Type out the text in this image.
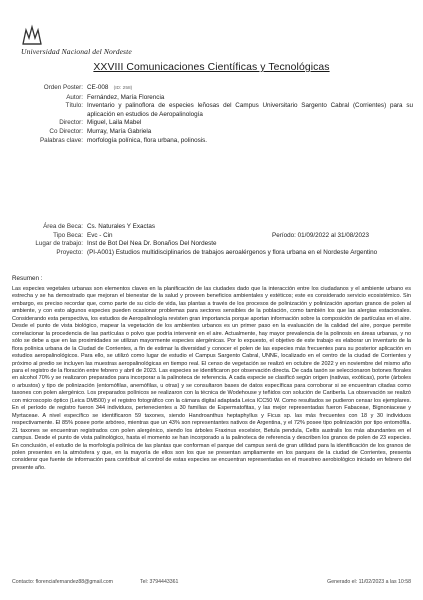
Universidad Nacional del Nordeste
XXVIII Comunicaciones Científicas y Tecnológicas
Orden Poster: CE-008 (ID: 258)
Autor: Fernández, María Florencia
Título: Inventario y palinoflora de especies leñosas del Campus Universitario Sargento Cabral (Corrientes) para su aplicación en estudios de Aeropalinología
Director: Miguel, Laila Mabel
Co Director: Murray, María Gabriela
Palabras clave: morfología polínica, flora urbana, polinosis.
Área de Beca: Cs. Naturales Y Exactas
Tipo Beca: Evc - Cin	Período: 01/09/2022 al 31/08/2023
Lugar de trabajo: Inst de Bot Del Nea Dr. Bonaños Del Nordeste
Proyecto: (PI-A001) Estudios multidisciplinarios de trabajos aeroalérgenos y flora urbana en el Nordeste Argentino
Resumen :
Las especies vegetales urbanas son elementos claves en la planificación de las ciudades dado que la interacción entre los ciudadanos y el ambiente urbano es estrecha y se ha demostrado que mejoran el bienestar de la salud y proveen beneficios ambientales y estéticos; este es considerado servicio ecosistémico. Sin embargo, es preciso recordar que, como parte de su ciclo de vida, las plantas a través de los procesos de polinización y polinización aportan granos de polen al ambiente, y con esto algunos especies pueden ocasionar problemas para sectores sensibles de la población, como también los que las alergias estacionales. Considerando esta perspectiva, los estudios de Aeropalinología revisten gran importancia porque aportan información sobre la composición de partículas en el aire. Desde el punto de vista biológico, mapear la vegetación de los ambientes urbanos es un primer paso en la evaluación de la calidad del aire, porque permite correlacionar la procedencia de las partículas o polvo que podría intervenir en el aire. Actualmente, hay mayor prevalencia de la polinosis en áreas urbanas, y no sólo se debe a que en las proximidades se utilizan mayormente especies alergénicas. Por lo expuesto, el objetivo de este trabajo es elaborar un inventario de la flora polínica urbana de la Ciudad de Corrientes, a fin de estimar la diversidad y conocer el polen de las especies más frecuentes para su posterior aplicación en estudios aeropalinológicos. Para ello, se utilizó como lugar de estudio el Campus Sargento Cabral, UNNE, localizado en el centro de la ciudad de Corrientes y próximo al predio se incluyen las muestras aeropalinológicas en tiempo real. El censo de vegetación se realizó en octubre de 2022 y en noviembre del mismo año para el registro de la floración entre febrero y abril de 2023. Las especies se identificaron por observación directa. De cada taxón se seleccionaron botones florales en alcohol 70% y se realizaron preparados para incorporar a la palinoteca de referencia. A cada especie se clasificó según origen (nativas, exóticas), porte (árboles o arbustos) y tipo de polinización (entomófilas, anemófilas, u otras) y se consultaron bases de datos específicas para corroborar si se encuentran citadas como taxones con polen alergénico. Los preparados polínicos se realizaron con la técnica de Wodehouse y teñidos con solución de Cariberla. La observación se realizó con microscopio óptico (Leica DM500) y el registro fotográfico con la cámara digital adaptada Leica ICC50 W. Como resultados se pudieron censar los ejemplares. En el período de registro fueron 344 individuos, pertenecientes a 30 familias de Espermatofitas, y las mejor representadas fueron Fabaceae, Bignoniaceae y Myrtaceae. A nivel específico se identificaron 59 taxones, siendo Handroanthus heptaphyllus y Ficus sp. las más frecuentes con 18 y 30 individuos respectivamente. El 85% posee porte arbóreo, mientras que un 43% son representantes nativos de Argentina, y el 72% posee tipo polinización por tipo entomófila. 21 taxones se encuentran registrados con polen alergénico, siendo los árboles Fraxinus excelsior, Betula pendula, Celtis australis los más abundantes en el campus. Desde el punto de vista palinológico, hasta el momento se han incorporado a la palinoteca de referencia y describen los granos de polen de 23 especies. En conclusión, el estudio de la morfología polínica de las plantas que conforman el parque del campus será de gran utilidad para la identificación de los granos de polen presentes en la atmósfera y que, en la mayoría de ellos son los que se presentan ampliamente en los parques de la ciudad de Corrientes, presenta considerar que fuente de información para contribuir al control de estas especies se encuentran representadas en el muestreo aerobiológico iniciado en febrero del presente año.
Contacto: florenciafernandez88@gmail.com	Tel: 3794443361	Generado el: 11/02/2023 a las 10:58
